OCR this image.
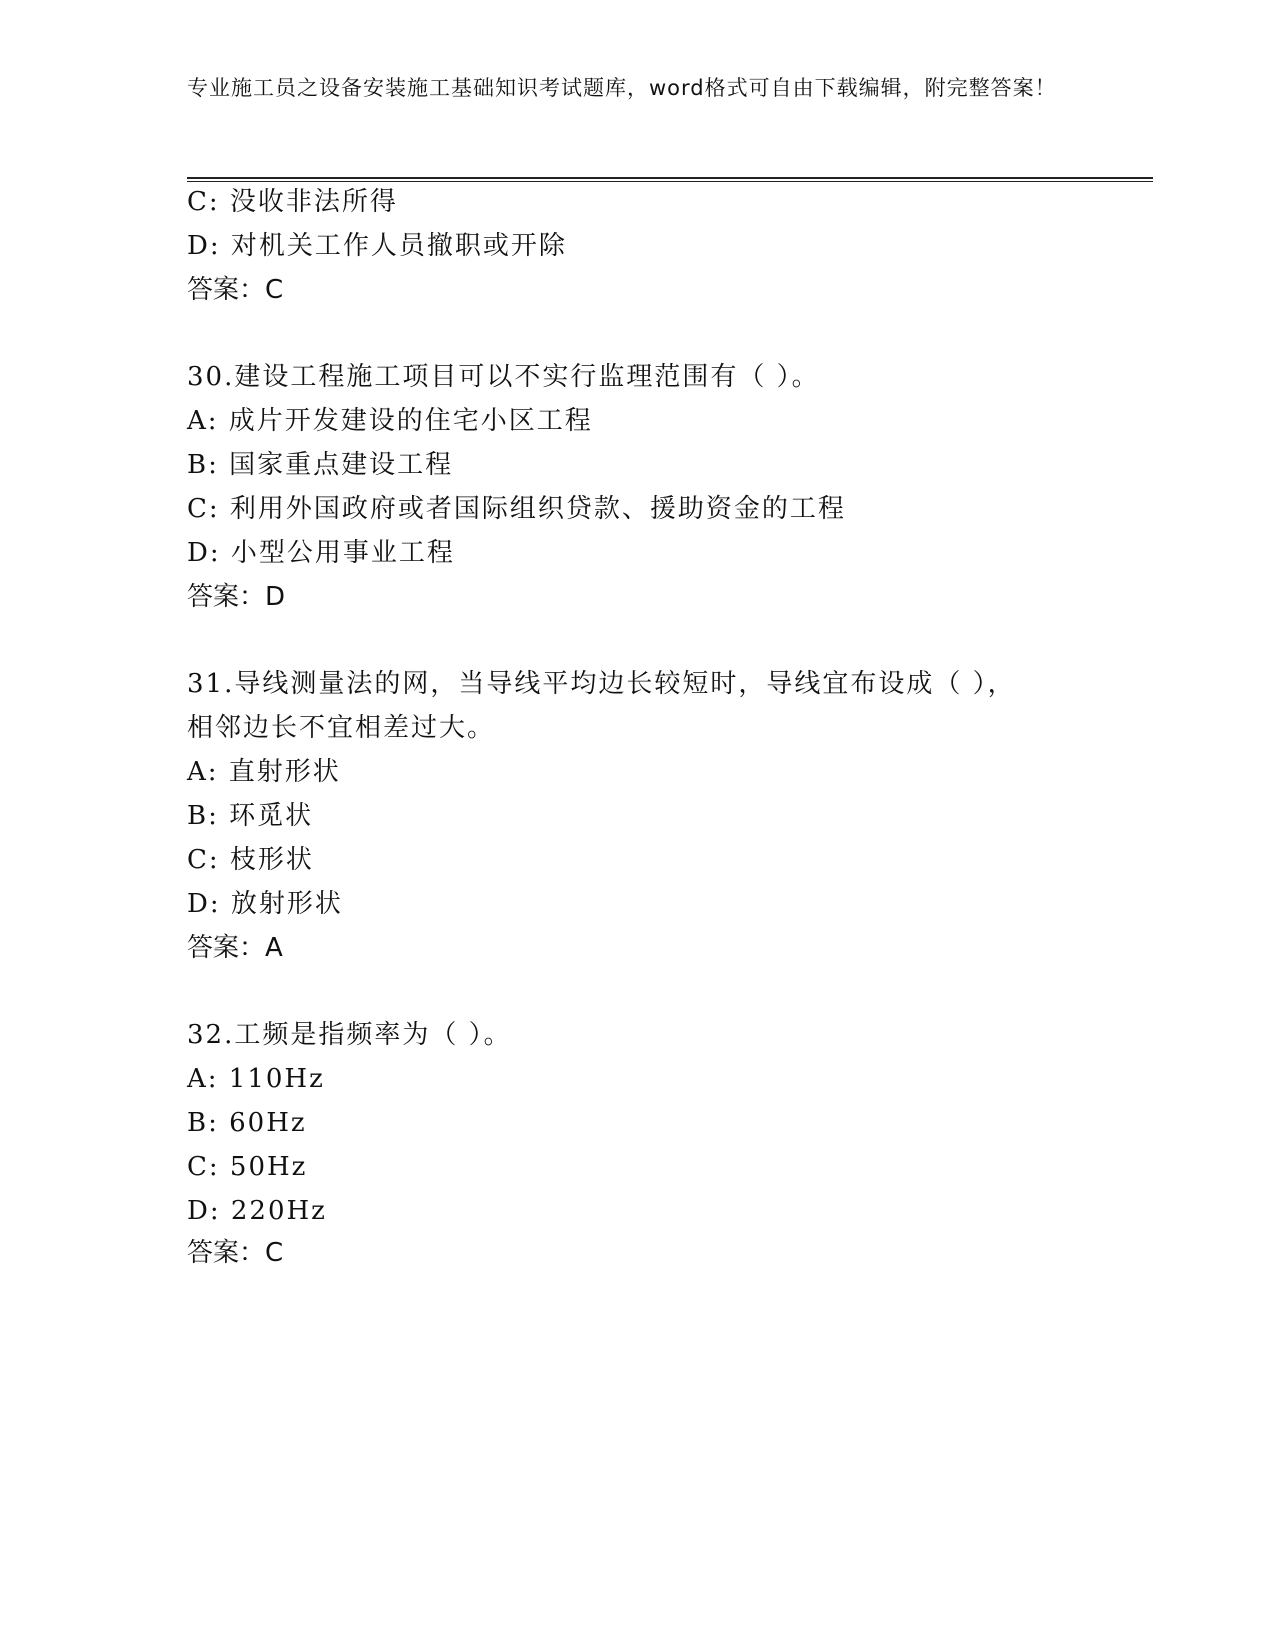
专业施工员之设备安装施工基础知识考试题库，word格式可自由下载编辑，附完整答案！
C: 没收非法所得
D: 对机关工作人员撤职或开除
答案：C
30.建设工程施工项目可以不实行监理范围有（ ）。
A: 成片开发建设的住宅小区工程
B: 国家重点建设工程
C: 利用外国政府或者国际组织贷款、援助资金的工程
D: 小型公用事业工程
答案：D
31.导线测量法的网，当导线平均边长较短时，导线宜布设成（ ），
相邻边长不宜相差过大。
A: 直射形状
B: 环觅状
C: 枝形状
D: 放射形状
答案：A
32.工频是指频率为（ ）。
A: 110Hz
B: 60Hz
C: 50Hz
D: 220Hz
答案：C
